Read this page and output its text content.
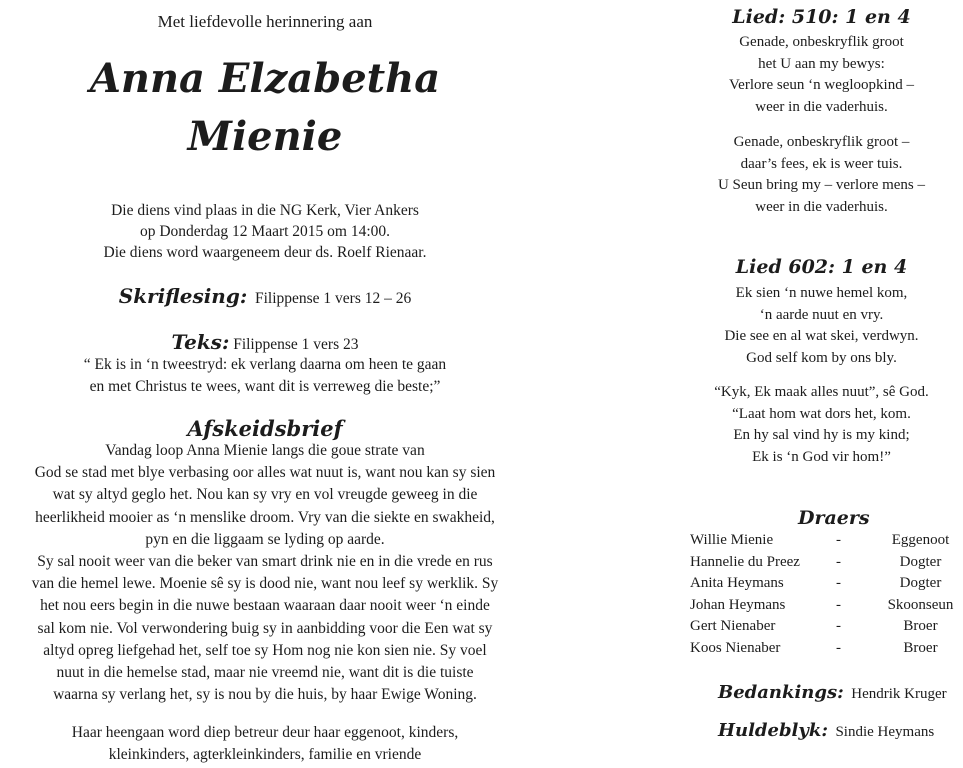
Met liefdevolle herinnering aan
Anna Elzabetha
Mienie
Die diens vind plaas in die NG Kerk, Vier Ankers
op Donderdag 12 Maart 2015 om 14:00.
Die diens word waargeneem deur ds. Roelf Rienaar.
Skriflesing: Filippense 1 vers 12 – 26
Teks: Filippense 1 vers 23
“ Ek is in ‘n tweestryd: ek verlang daarna om heen te gaan
en met Christus te wees, want dit is verreweg die beste;”
Afskeidsbrief
Vandag loop Anna Mienie langs die goue strate van
God se stad met blye verbasing oor alles wat nuut is, want nou kan sy sien
wat sy altyd geglo het. Nou kan sy vry en vol vreugde geweeg in die
heerlikheid mooier as ‘n menslike droom. Vry van die siekte en swakheid,
pyn en die liggaam se lyding op aarde.
Sy sal nooit weer van die beker van smart drink nie en in die vrede en rus
van die hemel lewe. Moenie sê sy is dood nie, want nou leef sy werklik. Sy
het nou eers begin in die nuwe bestaan waaraan daar nooit weer ‘n einde
sal kom nie. Vol verwondering buig sy in aanbidding voor die Een wat sy
altyd opreg liefgehad het, self toe sy Hom nog nie kon sien nie. Sy voel
nuut in die hemelse stad, maar nie vreemd nie, want dit is die tuiste
waarna sy verlang het, sy is nou by die huis, by haar Ewige Woning.
Haar heengaan word diep betreur deur haar eggenoot, kinders,
kleinkinders, agterkleinkinders, familie en vriende
Lied: 510: 1 en 4
Genade, onbeskryflik groot
het U aan my bewys:
Verlore seun ‘n wegloopkind –
weer in die vaderhuis.
Genade, onbeskryflik groot –
daar’s fees, ek is weer tuis.
U Seun bring my – verlore mens –
weer in die vaderhuis.
Lied 602: 1 en 4
Ek sien ‘n nuwe hemel kom,
‘n aarde nuut en vry.
Die see en al wat skei, verdwyn.
God self kom by ons bly.
“Kyk, Ek maak alles nuut”, sê God.
“Laat hom wat dors het, kom.
En hy sal vind hy is my kind;
Ek is ‘n God vir hom!”
Draers
Willie Mienie	-	Eggenoot
Hannelie du Preez -	Dogter
Anita Heymans	-	Dogter
Johan Heymans	-	Skoonseun
Gert Nienaber	-	Broer
Koos Nienaber	-	Broer
Bedankings: Hendrik Kruger
Huldeblyk: Sindie Heymans
